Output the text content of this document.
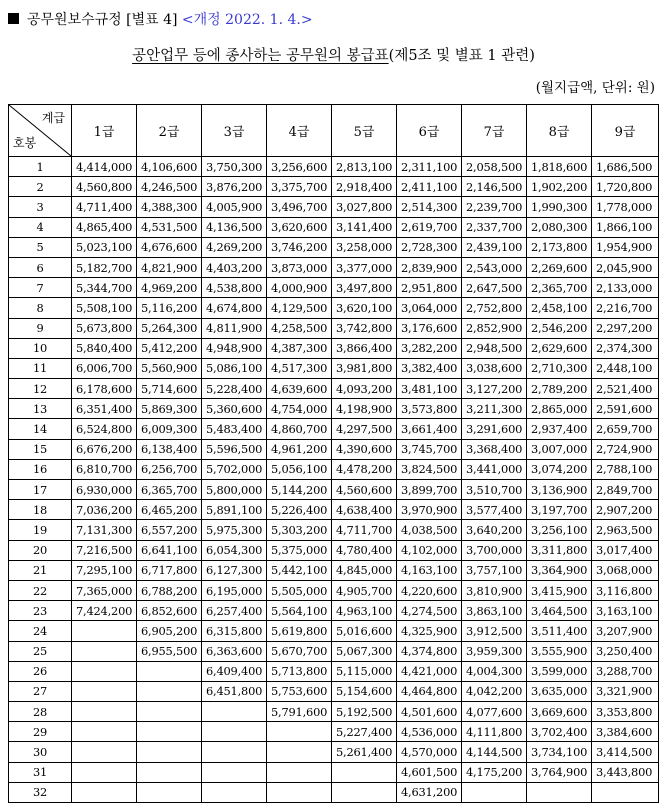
공무원보수규정 [별표 4] <개정 2022. 1. 4.>
공안업무 등에 종사하는 공무원의 봉급표(제5조 및 별표 1 관련)
(월지급액, 단위: 원)
계급
호봉	1급	2급	3급	4급	5급	6급	7급	8급	9급
1	4,414,000	4,106,600	3,750,300	3,256,600	2,813,100	2,311,100	2,058,500	1,818,600	1,686,500
2	4,560,800	4,246,500	3,876,200	3,375,700	2,918,400	2,411,100	2,146,500	1,902,200	1,720,800
3	4,711,400	4,388,300	4,005,900	3,496,700	3,027,800	2,514,300	2,239,700	1,990,300	1,778,000
4	4,865,400	4,531,500	4,136,500	3,620,600	3,141,400	2,619,700	2,337,700	2,080,300	1,866,100
5	5,023,100	4,676,600	4,269,200	3,746,200	3,258,000	2,728,300	2,439,100	2,173,800	1,954,900
6	5,182,700	4,821,900	4,403,200	3,873,000	3,377,000	2,839,900	2,543,000	2,269,600	2,045,900
7	5,344,700	4,969,200	4,538,800	4,000,900	3,497,800	2,951,800	2,647,500	2,365,700	2,133,000
8	5,508,100	5,116,200	4,674,800	4,129,500	3,620,100	3,064,000	2,752,800	2,458,100	2,216,700
9	5,673,800	5,264,300	4,811,900	4,258,500	3,742,800	3,176,600	2,852,900	2,546,200	2,297,200
10	5,840,400	5,412,200	4,948,900	4,387,300	3,866,400	3,282,200	2,948,500	2,629,600	2,374,300
11	6,006,700	5,560,900	5,086,100	4,517,300	3,981,800	3,382,400	3,038,600	2,710,300	2,448,100
12	6,178,600	5,714,600	5,228,400	4,639,600	4,093,200	3,481,100	3,127,200	2,789,200	2,521,400
13	6,351,400	5,869,300	5,360,600	4,754,000	4,198,900	3,573,800	3,211,300	2,865,000	2,591,600
14	6,524,800	6,009,300	5,483,400	4,860,700	4,297,500	3,661,400	3,291,600	2,937,400	2,659,700
15	6,676,200	6,138,400	5,596,500	4,961,200	4,390,600	3,745,700	3,368,400	3,007,000	2,724,900
16	6,810,700	6,256,700	5,702,000	5,056,100	4,478,200	3,824,500	3,441,000	3,074,200	2,788,100
17	6,930,000	6,365,700	5,800,000	5,144,200	4,560,600	3,899,700	3,510,700	3,136,900	2,849,700
18	7,036,200	6,465,200	5,891,100	5,226,400	4,638,400	3,970,900	3,577,400	3,197,700	2,907,200
19	7,131,300	6,557,200	5,975,300	5,303,200	4,711,700	4,038,500	3,640,200	3,256,100	2,963,500
20	7,216,500	6,641,100	6,054,300	5,375,000	4,780,400	4,102,000	3,700,000	3,311,800	3,017,400
21	7,295,100	6,717,800	6,127,300	5,442,100	4,845,000	4,163,100	3,757,100	3,364,900	3,068,000
22	7,365,000	6,788,200	6,195,000	5,505,000	4,905,700	4,220,600	3,810,900	3,415,900	3,116,800
23	7,424,200	6,852,600	6,257,400	5,564,100	4,963,100	4,274,500	3,863,100	3,464,500	3,163,100
24		6,905,200	6,315,800	5,619,800	5,016,600	4,325,900	3,912,500	3,511,400	3,207,900
25		6,955,500	6,363,600	5,670,700	5,067,300	4,374,800	3,959,300	3,555,900	3,250,400
26			6,409,400	5,713,800	5,115,000	4,421,000	4,004,300	3,599,000	3,288,700
27			6,451,800	5,753,600	5,154,600	4,464,800	4,042,200	3,635,000	3,321,900
28				5,791,600	5,192,500	4,501,600	4,077,600	3,669,600	3,353,800
29					5,227,400	4,536,000	4,111,800	3,702,400	3,384,600
30					5,261,400	4,570,000	4,144,500	3,734,100	3,414,500
31						4,601,500	4,175,200	3,764,900	3,443,800
32						4,631,200			
